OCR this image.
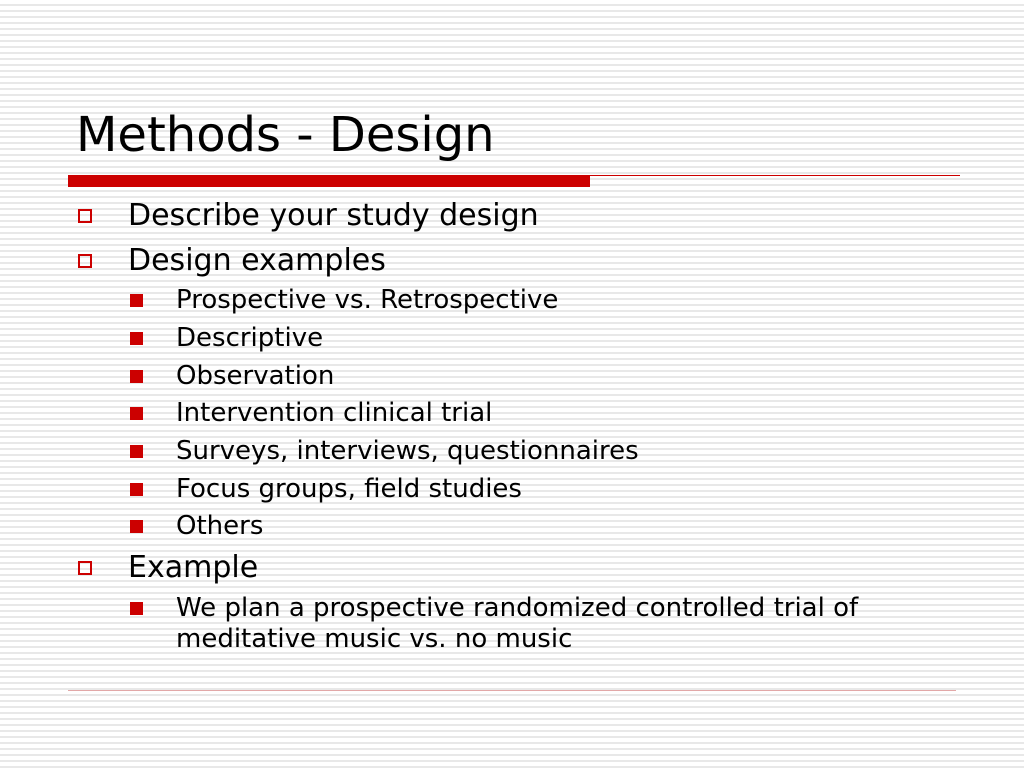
Methods - Design
Describe your study design
Design examples
Prospective vs. Retrospective
Descriptive
Observation
Intervention clinical trial
Surveys, interviews, questionnaires
Focus groups, field studies
Others
Example
We plan a prospective randomized controlled trial of meditative music vs. no music
